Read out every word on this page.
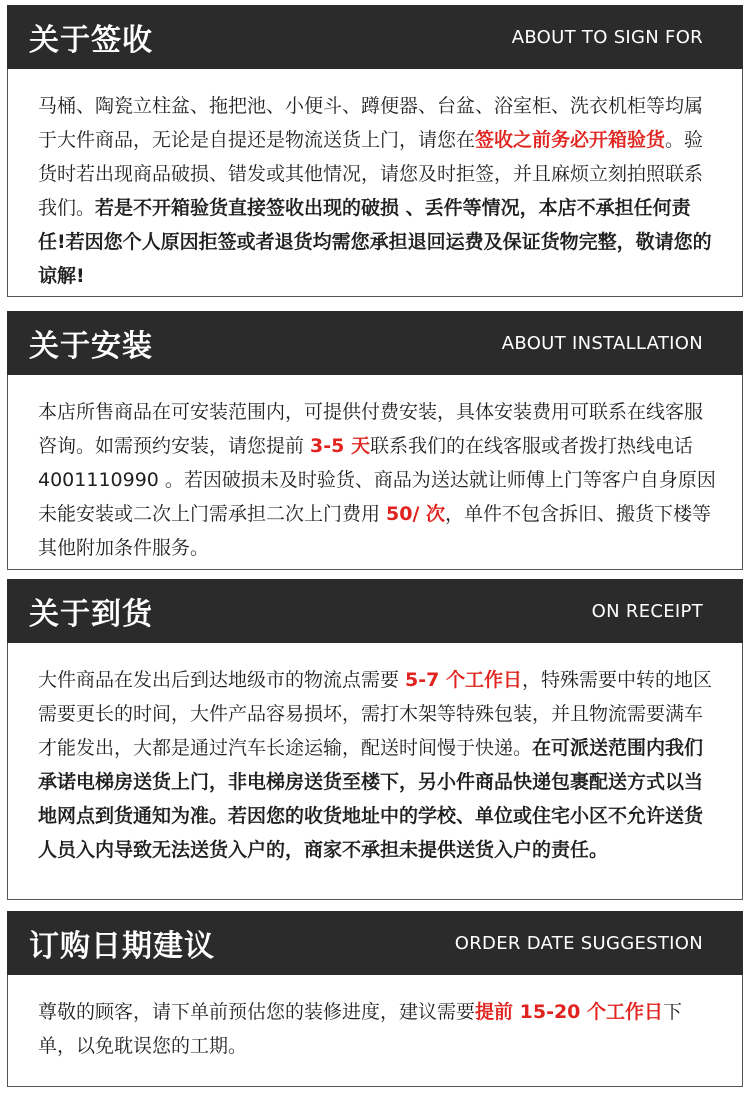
关于签收	ABOUT TO SIGN FOR

马桶、陶瓷立柱盆、拖把池、小便斗、蹲便器、台盆、浴室柜、洗衣机柜等均属于大件商品，无论是自提还是物流送货上门，请您在签收之前务必开箱验货。验货时若出现商品破损、错发或其他情况，请您及时拒签，并且麻烦立刻拍照联系我们。若是不开箱验货直接签收出现的破损 、丢件等情况，本店不承担任何责任!若因您个人原因拒签或者退货均需您承担退回运费及保证货物完整，敬请您的谅解!

关于安装	ABOUT INSTALLATION

本店所售商品在可安装范围内，可提供付费安装，具体安装费用可联系在线客服咨询。如需预约安装，请您提前 3-5 天联系我们的在线客服或者拨打热线电话 4001110990 。若因破损未及时验货、商品为送达就让师傅上门等客户自身原因未能安装或二次上门需承担二次上门费用 50/ 次，单件不包含拆旧、搬货下楼等其他附加条件服务。

关于到货	ON RECEIPT

大件商品在发出后到达地级市的物流点需要 5-7 个工作日，特殊需要中转的地区需要更长的时间，大件产品容易损坏，需打木架等特殊包装，并且物流需要满车才能发出，大都是通过汽车长途运输，配送时间慢于快递。在可派送范围内我们承诺电梯房送货上门，非电梯房送货至楼下，另小件商品快递包裹配送方式以当地网点到货通知为准。若因您的收货地址中的学校、单位或住宅小区不允许送货人员入内导致无法送货入户的，商家不承担未提供送货入户的责任。

订购日期建议	ORDER DATE SUGGESTION

尊敬的顾客，请下单前预估您的装修进度，建议需要提前 15-20 个工作日下单，以免耽误您的工期。
